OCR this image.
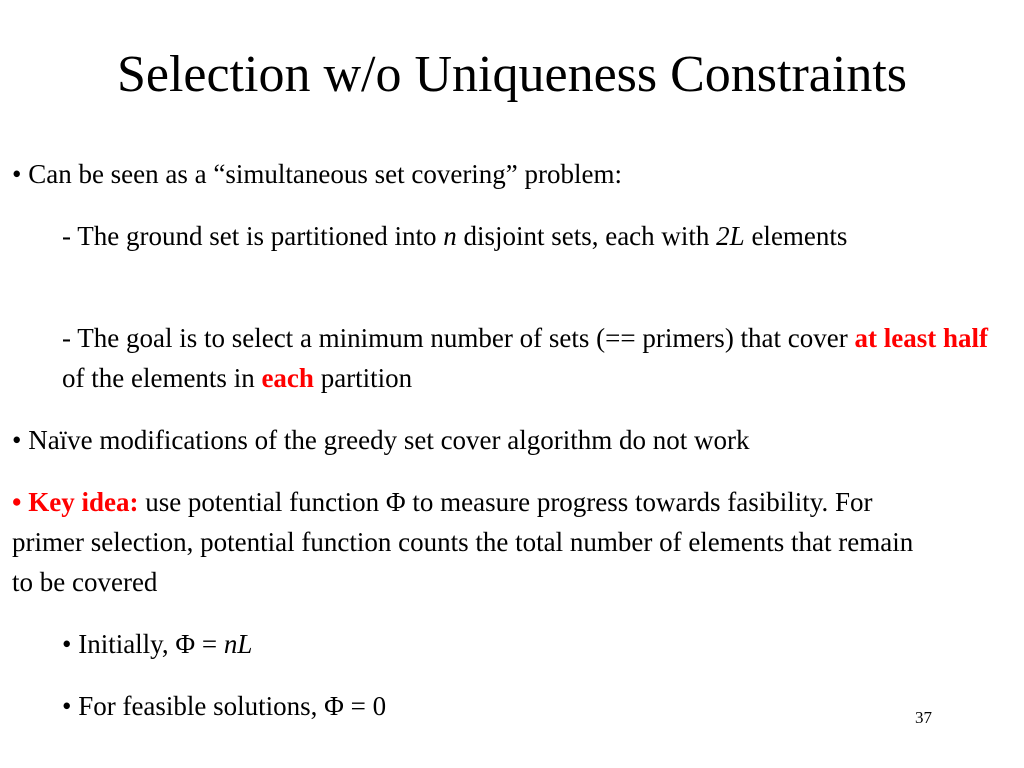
Selection w/o Uniqueness Constraints

• Can be seen as a “simultaneous set covering” problem:

- The ground set is partitioned into n disjoint sets, each with 2L elements

- The goal is to select a minimum number of sets (== primers) that cover at least half of the elements in each partition

• Naïve modifications of the greedy set cover algorithm do not work

• Key idea: use potential function Φ to measure progress towards fasibility. For primer selection, potential function counts the total number of elements that remain to be covered

• Initially, Φ = nL

• For feasible solutions, Φ = 0	37
